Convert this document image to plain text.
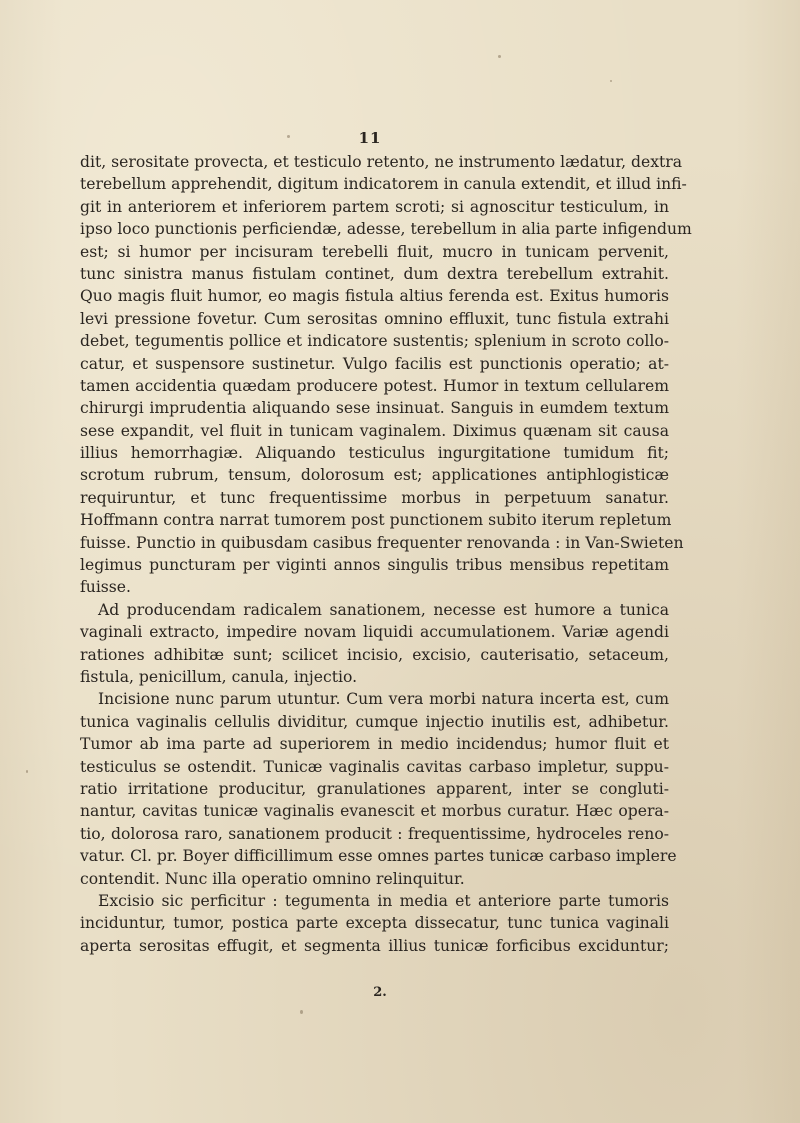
11
dit, serositate provecta, et testiculo retento, ne instrumento lædatur, dextra
terebellum apprehendit, digitum indicatorem in canula extendit, et illud infi-
git in anteriorem et inferiorem partem scroti; si agnoscitur testiculum, in
ipso loco punctionis perficiendæ, adesse, terebellum in alia parte infigendum
est; si humor per incisuram terebelli fluit, mucro in tunicam pervenit,
tunc sinistra manus fistulam continet, dum dextra terebellum extrahit.
Quo magis fluit humor, eo magis fistula altius ferenda est. Exitus humoris
levi pressione fovetur. Cum serositas omnino effluxit, tunc fistula extrahi
debet, tegumentis pollice et indicatore sustentis; splenium in scroto collo-
catur, et suspensore sustinetur. Vulgo facilis est punctionis operatio; at-
tamen accidentia quædam producere potest. Humor in textum cellularem
chirurgi imprudentia aliquando sese insinuat. Sanguis in eumdem textum
sese expandit, vel fluit in tunicam vaginalem. Diximus quænam sit causa
illius hemorrhagiæ. Aliquando testiculus ingurgitatione tumidum fit;
scrotum rubrum, tensum, dolorosum est; applicationes antiphlogisticæ
requiruntur, et tunc frequentissime morbus in perpetuum sanatur.
Hoffmann contra narrat tumorem post punctionem subito iterum repletum
fuisse. Punctio in quibusdam casibus frequenter renovanda : in Van-Swieten
legimus puncturam per viginti annos singulis tribus mensibus repetitam
fuisse.
Ad producendam radicalem sanationem, necesse est humore a tunica
vaginali extracto, impedire novam liquidi accumulationem. Variæ agendi
rationes adhibitæ sunt; scilicet incisio, excisio, cauterisatio, setaceum,
fistula, penicillum, canula, injectio.
Incisione nunc parum utuntur. Cum vera morbi natura incerta est, cum
tunica vaginalis cellulis dividitur, cumque injectio inutilis est, adhibetur.
Tumor ab ima parte ad superiorem in medio incidendus; humor fluit et
testiculus se ostendit. Tunicæ vaginalis cavitas carbaso impletur, suppu-
ratio irritatione producitur, granulationes apparent, inter se congluti-
nantur, cavitas tunicæ vaginalis evanescit et morbus curatur. Hæc opera-
tio, dolorosa raro, sanationem producit : frequentissime, hydroceles reno-
vatur. Cl. pr. Boyer difficillimum esse omnes partes tunicæ carbaso implere
contendit. Nunc illa operatio omnino relinquitur.
Excisio sic perficitur : tegumenta in media et anteriore parte tumoris
inciduntur, tumor, postica parte excepta dissecatur, tunc tunica vaginali
aperta serositas effugit, et segmenta illius tunicæ forficibus exciduntur;
2.
